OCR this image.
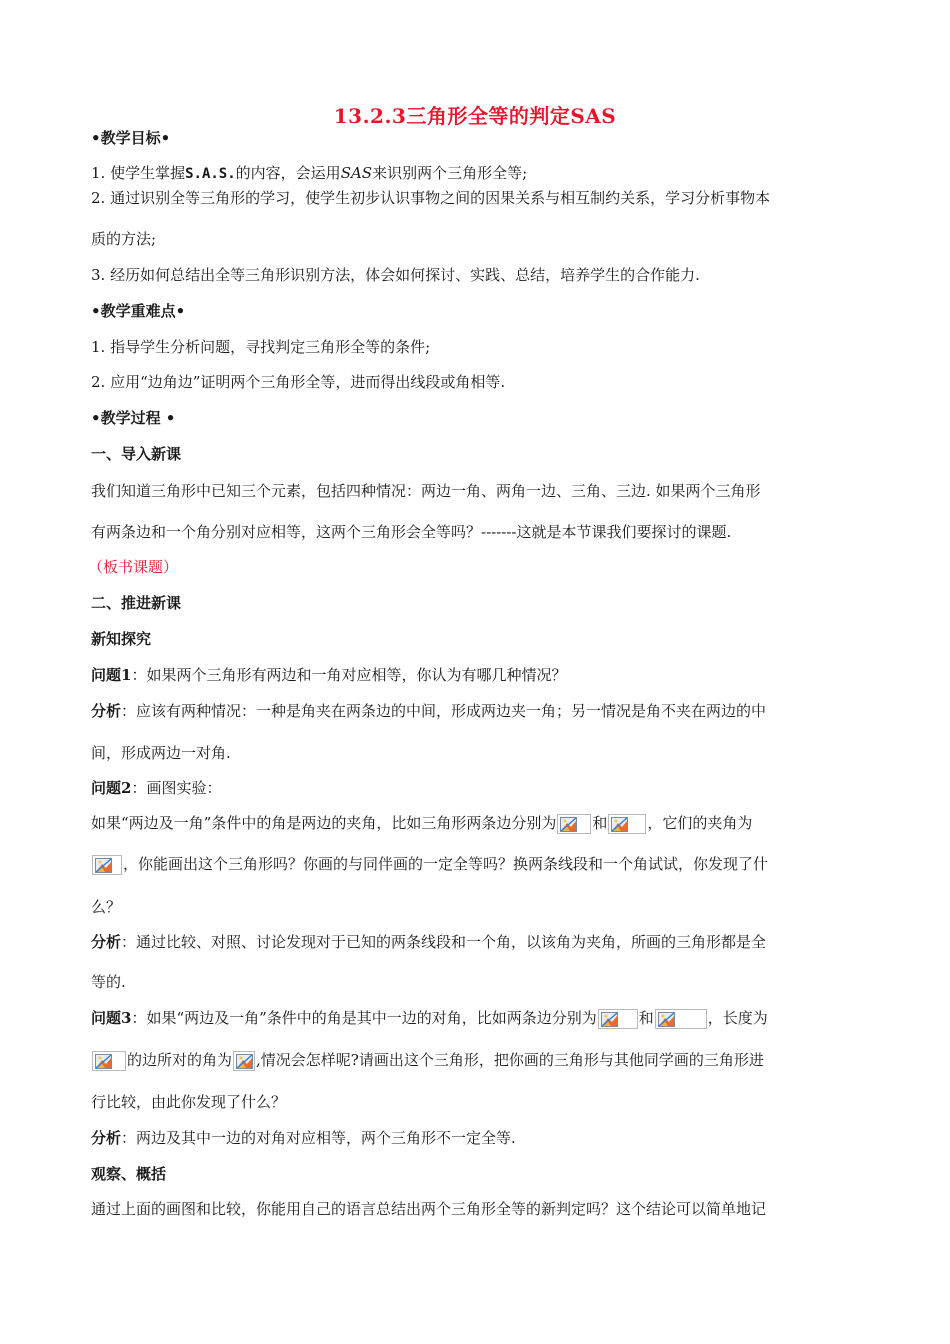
13.2.3三角形全等的判定SAS
•教学目标•
1. 使学生掌握S.A.S.的内容，会运用SAS来识别两个三角形全等;
2. 通过识别全等三角形的学习，使学生初步认识事物之间的因果关系与相互制约关系，学习分析事物本
质的方法;
3. 经历如何总结出全等三角形识别方法，体会如何探讨、实践、总结，培养学生的合作能力.
•教学重难点•
1. 指导学生分析问题，寻找判定三角形全等的条件;
2. 应用“边角边”证明两个三角形全等，进而得出线段或角相等.
•教学过程 •
一、导入新课
我们知道三角形中已知三个元素，包括四种情况：两边一角、两角一边、三角、三边. 如果两个三角形
有两条边和一个角分别对应相等，这两个三角形会全等吗？-------这就是本节课我们要探讨的课题.
（板书课题）
二、推进新课
新知探究
问题1：如果两个三角形有两边和一角对应相等，你认为有哪几种情况？
分析：应该有两种情况：一种是角夹在两条边的中间，形成两边夹一角；另一情况是角不夹在两边的中
间，形成两边一对角.
问题2：画图实验：
如果“两边及一角”条件中的角是两边的夹角，比如三角形两条边分别为 和	，它们的夹角为
，你能画出这个三角形吗？你画的与同伴画的一定全等吗？换两条线段和一个角试试，你发现了什
么？
分析：通过比较、对照、讨论发现对于已知的两条线段和一个角，以该角为夹角，所画的三角形都是全
等的.
问题3：如果“两边及一角”条件中的角是其中一边的对角，比如两条边分别为	和	，长度为
的边所对的角为 ,情况会怎样呢?请画出这个三角形，把你画的三角形与其他同学画的三角形进
行比较，由此你发现了什么？
分析：两边及其中一边的对角对应相等，两个三角形不一定全等.
观察、概括
通过上面的画图和比较，你能用自己的语言总结出两个三角形全等的新判定吗？这个结论可以简单地记
